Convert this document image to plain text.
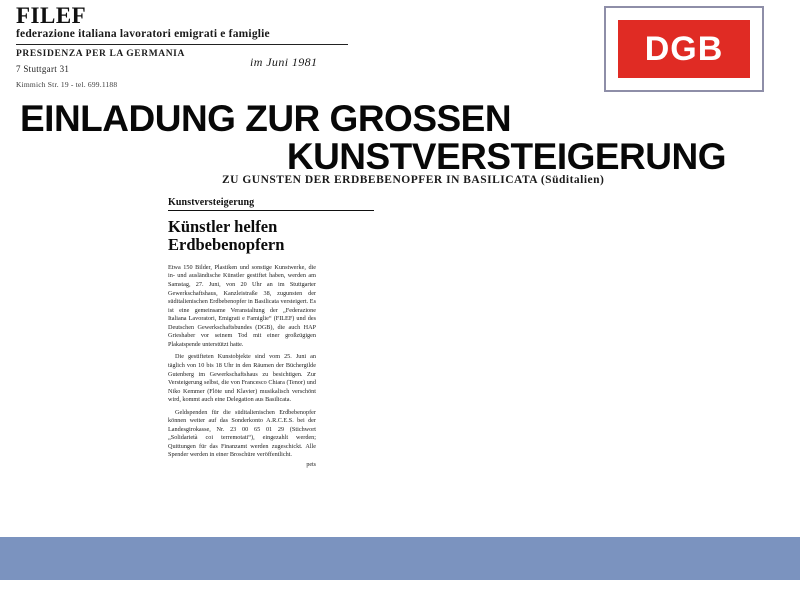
FILEF
federazione italiana lavoratori emigrati e famiglie
PRESIDENZA PER LA GERMANIA
7 Stuttgart 31
Kimmich Str. 19 - tel. 699.1188
im Juni 1981	DGB
EINLADUNG ZUR GROSSEN
KUNSTVERSTEIGERUNG
ZU GUNSTEN DER ERDBEBENOPFER IN BASILICATA (Süditalien)
Kunstversteigerung
Künstler helfen
Erdbebenopfern

Etwa 150 Bilder, Plastiken und sonstige Kunstwerke, die in- und ausländische Künstler gestiftet haben, werden am Samstag, 27. Juni, von 20 Uhr an im Stuttgarter Gewerkschaftshaus, Kanzleistraße 38, zugunsten der süditalienischen Erdbebenopfer in Basilicata versteigert. Es ist eine gemeinsame Veranstaltung der „Federazione Italiana Lavoratori, Emigrati e Famiglie“ (FILEF) und des Deutschen Gewerkschaftsbundes (DGB), die auch HAP Grieshaber vor seinem Tod mit einer großzügigen Plakatspende unterstützt hatte.

Die gestifteten Kunstobjekte sind vom 25. Juni an täglich von 10 bis 18 Uhr in den Räumen der Büchergilde Gutenberg im Gewerkschaftshaus zu besichtigen. Zur Versteigerung selbst, die von Francesco Chiara (Tenor) und Niko Kemmer (Flöte und Klavier) musikalisch verschönt wird, kommt auch eine Delegation aus Basilicata.

Geldspenden für die süditalienischen Erdbebenopfer können weiter auf das Sonderkonto A.R.C.E.S. bei der Landesgirokasse, Nr. 23 00 65 01 29 (Stichwort „Solidarietà coi terremotati“), eingezahlt werden; Quittungen für das Finanzamt werden zugeschickt. Alle Spender werden in einer Broschüre veröffentlicht.

pets
